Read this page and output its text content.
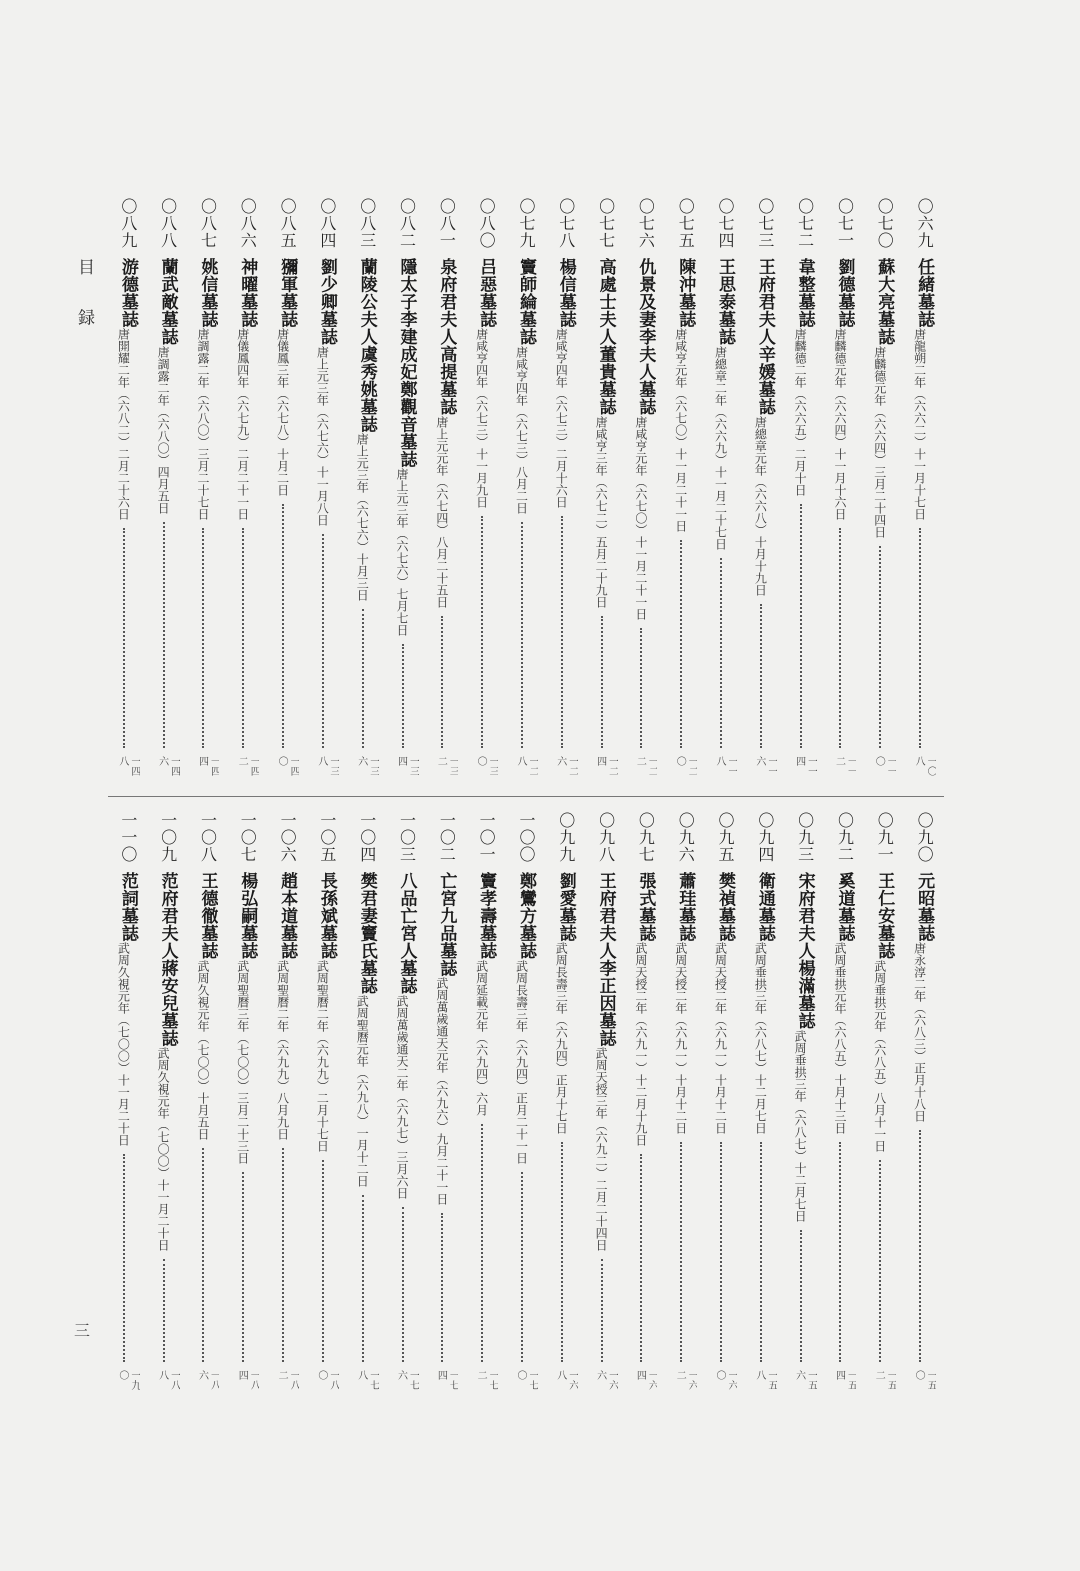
目 録
〇六九
任緒墓誌
唐龍朔二年（六六二）十一月十七日
一〇八
〇七〇
蘇大亮墓誌
唐麟德元年（六六四）三月二十四日
一一〇
〇七一
劉德墓誌
唐麟德元年（六六四）十一月十六日
一一二
〇七二
韋整墓誌
唐麟德二年（六六五）二月十日
一一四
〇七三
王府君夫人辛媛墓誌
唐總章元年（六六八）十月十九日
一一六
〇七四
王思泰墓誌
唐總章二年（六六九）十一月二十七日
一一八
〇七五
陳沖墓誌
唐咸亨元年（六七〇）十一月二十一日
一二〇
〇七六
仇景及妻李夫人墓誌
唐咸亨元年（六七〇）十一月二十一日
一二二
〇七七
高處士夫人董貴墓誌
唐咸亨三年（六七二）五月二十九日
一二四
〇七八
楊信墓誌
唐咸亨四年（六七三）二月十六日
一二六
〇七九
竇師綸墓誌
唐咸亨四年（六七三）八月二日
一二八
〇八〇
吕惡墓誌
唐咸亨四年（六七三）十一月九日
一三〇
〇八一
泉府君夫人高提墓誌
唐上元元年（六七四）八月二十五日
一三二
〇八二
隱太子李建成妃鄭觀音墓誌
唐上元三年（六七六）七月七日
一三四
〇八三
蘭陵公夫人虞秀姚墓誌
唐上元三年（六七六）十月三日
一三六
〇八四
劉少卿墓誌
唐上元三年（六七六）十一月八日
一三八
〇八五
獼軍墓誌
唐儀鳳三年（六七八）十月二日
一四〇
〇八六
神曜墓誌
唐儀鳳四年（六七九）二月二十一日
一四二
〇八七
姚信墓誌
唐調露二年（六八〇）三月二十七日
一四四
〇八八
蘭武敵墓誌
唐調露二年（六八〇）四月五日
一四六
〇八九
游德墓誌
唐開耀二年（六八二）二月二十六日
一四八
〇九〇
元昭墓誌
唐永淳二年（六八三）正月十八日
一五〇
〇九一
王仁安墓誌
武周垂拱元年（六八五）八月十一日
一五二
〇九二
奚道墓誌
武周垂拱元年（六八五）十月十三日
一五四
〇九三
宋府君夫人楊滿墓誌
武周垂拱三年（六八七）十二月七日
一五六
〇九四
衛通墓誌
武周垂拱三年（六八七）十二月七日
一五八
〇九五
樊禎墓誌
武周天授二年（六九一）十月十二日
一六〇
〇九六
蕭珪墓誌
武周天授二年（六九一）十月十二日
一六二
〇九七
張式墓誌
武周天授二年（六九一）十二月十九日
一六四
〇九八
王府君夫人李正因墓誌
武周天授三年（六九二）二月二十四日
一六六
〇九九
劉愛墓誌
武周長壽三年（六九四）正月十七日
一六八
一〇〇
鄭鸞方墓誌
武周長壽三年（六九四）正月二十一日
一七〇
一〇一
竇孝壽墓誌
武周延載元年（六九四）六月
一七二
一〇二
亡宮九品墓誌
武周萬歲通天元年（六九六）九月二十一日
一七四
一〇三
八品亡宮人墓誌
武周萬歲通天二年（六九七）三月六日
一七六
一〇四
樊君妻竇氏墓誌
武周聖曆元年（六九八）一月十二日
一七八
一〇五
長孫斌墓誌
武周聖曆二年（六九九）二月十七日
一八〇
一〇六
趙本道墓誌
武周聖曆二年（六九九）八月九日
一八二
一〇七
楊弘嗣墓誌
武周聖曆三年（七〇〇）三月二十三日
一八四
一〇八
王德徹墓誌
武周久視元年（七〇〇）十月五日
一八六
一〇九
范府君夫人蔣安兒墓誌
武周久視元年（七〇〇）十一月二十日
一八八
一一〇
范詞墓誌
武周久視元年（七〇〇）十一月二十日
一九〇
三
